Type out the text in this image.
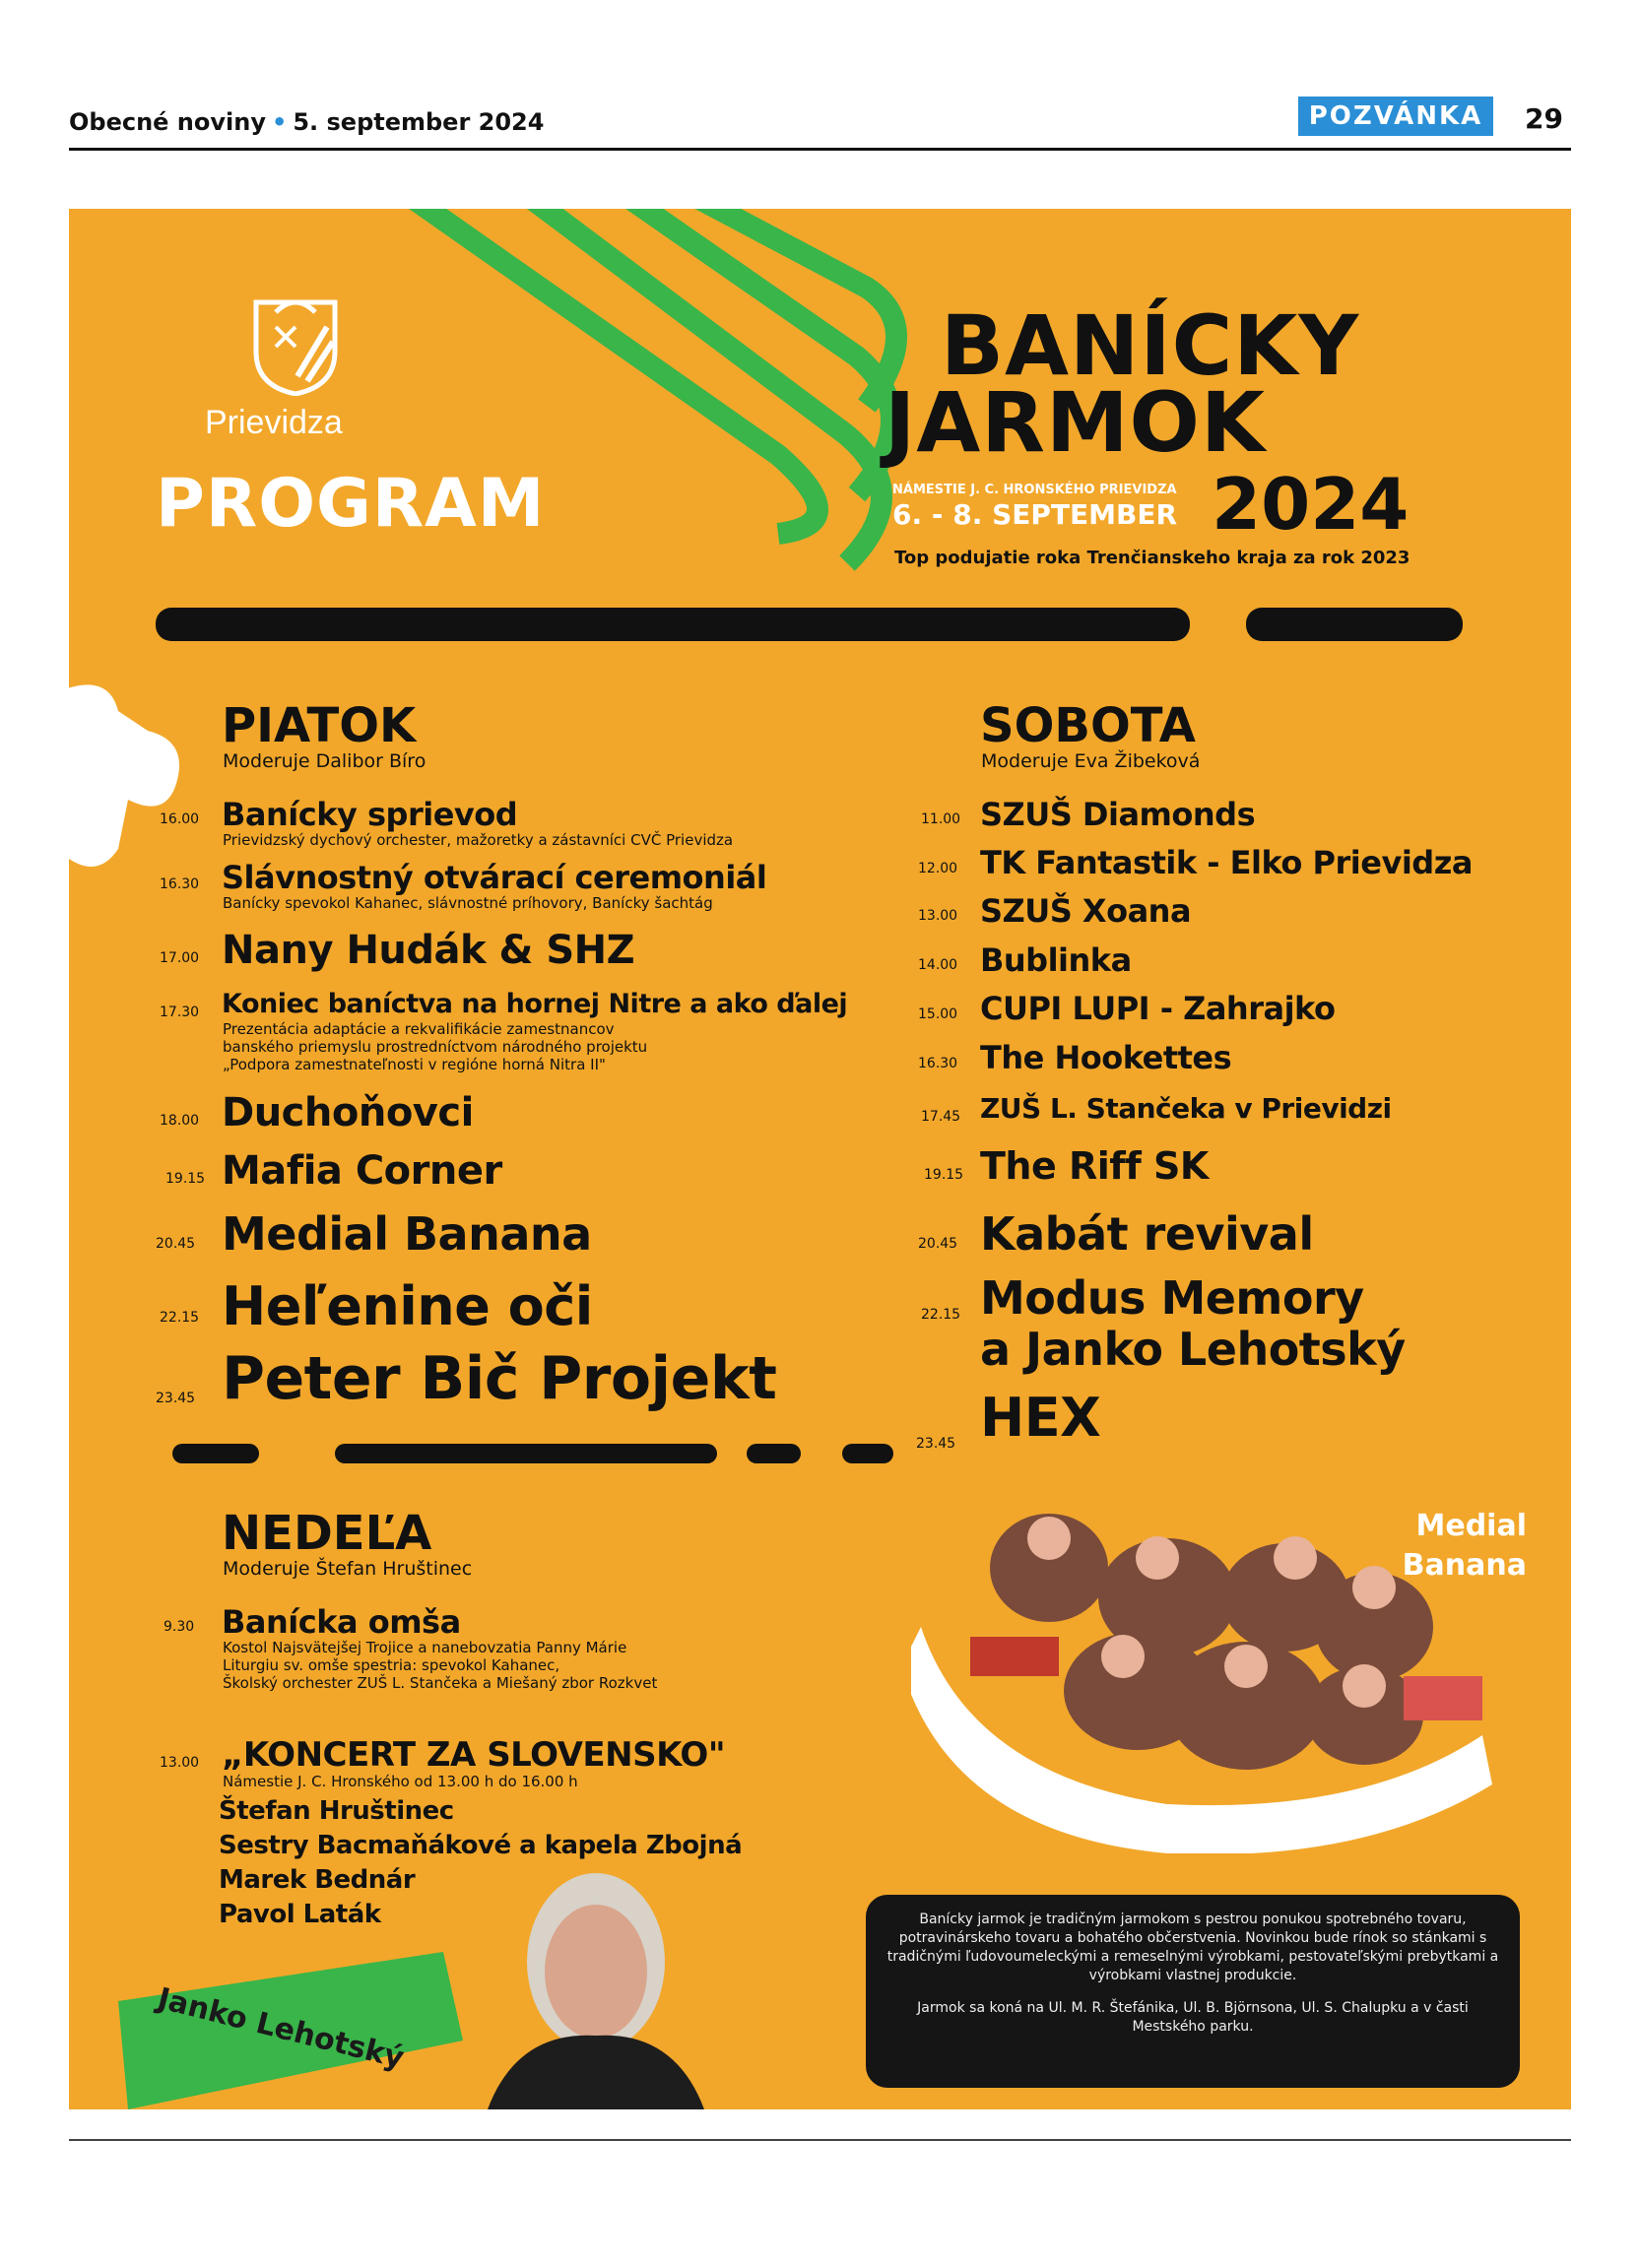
Obecné noviny • 5. september 2024	POZVÁNKA	29
Prievidza
PROGRAM
BANÍCKY
JARMOK
NÁMESTIE J. C. HRONSKÉHO PRIEVIDZA
6. - 8. SEPTEMBER 2024
Top podujatie roka Trenčianskeho kraja za rok 2023
PIATOK
Moderuje Dalibor Bíro
16.00 Banícky sprievod
Prievidzský dychový orchester, mažoretky a zástavníci CVČ Prievidza
16.30 Slávnostný otvárací ceremoniál
Banícky spevokol Kahanec, slávnostné príhovory, Banícky šachtág
17.00 Nany Hudák & SHZ
17.30 Koniec baníctva na hornej Nitre a ako ďalej
Prezentácia adaptácie a rekvalifikácie zamestnancov
banského priemyslu prostredníctvom národného projektu
„Podpora zamestnateľnosti v regióne horná Nitra II"
18.00 Duchoňovci
19.15 Mafia Corner
20.45 Medial Banana
22.15 Heľenine oči
23.45 Peter Bič Projekt
SOBOTA
Moderuje Eva Žibeková
11.00 SZUŠ Diamonds
12.00 TK Fantastik - Elko Prievidza
13.00 SZUŠ Xoana
14.00 Bublinka
15.00 CUPI LUPI - Zahrajko
16.30 The Hookettes
17.45 ZUŠ L. Stančeka v Prievidzi
19.15 The Riff SK
20.45 Kabát revival
22.15 Modus Memory
a Janko Lehotský
23.45 HEX
Medial Banana
NEDEĽA
Moderuje Štefan Hruštinec
9.30 Banícka omša
Kostol Najsvätejšej Trojice a nanebovzatia Panny Márie
Liturgiu sv. omše spestria: spevokol Kahanec,
Školský orchester ZUŠ L. Stančeka a Miešaný zbor Rozkvet
13.00 „KONCERT ZA SLOVENSKO"
Námestie J. C. Hronského od 13.00 h do 16.00 h
Štefan Hruštinec
Sestry Bacmaňákové a kapela Zbojná
Marek Bednár
Pavol Laták
Janko Lehotský

Banícky jarmok je tradičným jarmokom s pestrou ponukou spotrebného tovaru, potravinárskeho tovaru a bohatého občerstvenia. Novinkou bude rínok so stánkami s tradičnými ľudovoumeleckými a remeselnými výrobkami, pestovateľskými prebytkami a výrobkami vlastnej produkcie.

Jarmok sa koná na Ul. M. R. Štefánika, Ul. B. Björnsona, Ul. S. Chalupku a v časti Mestského parku.
